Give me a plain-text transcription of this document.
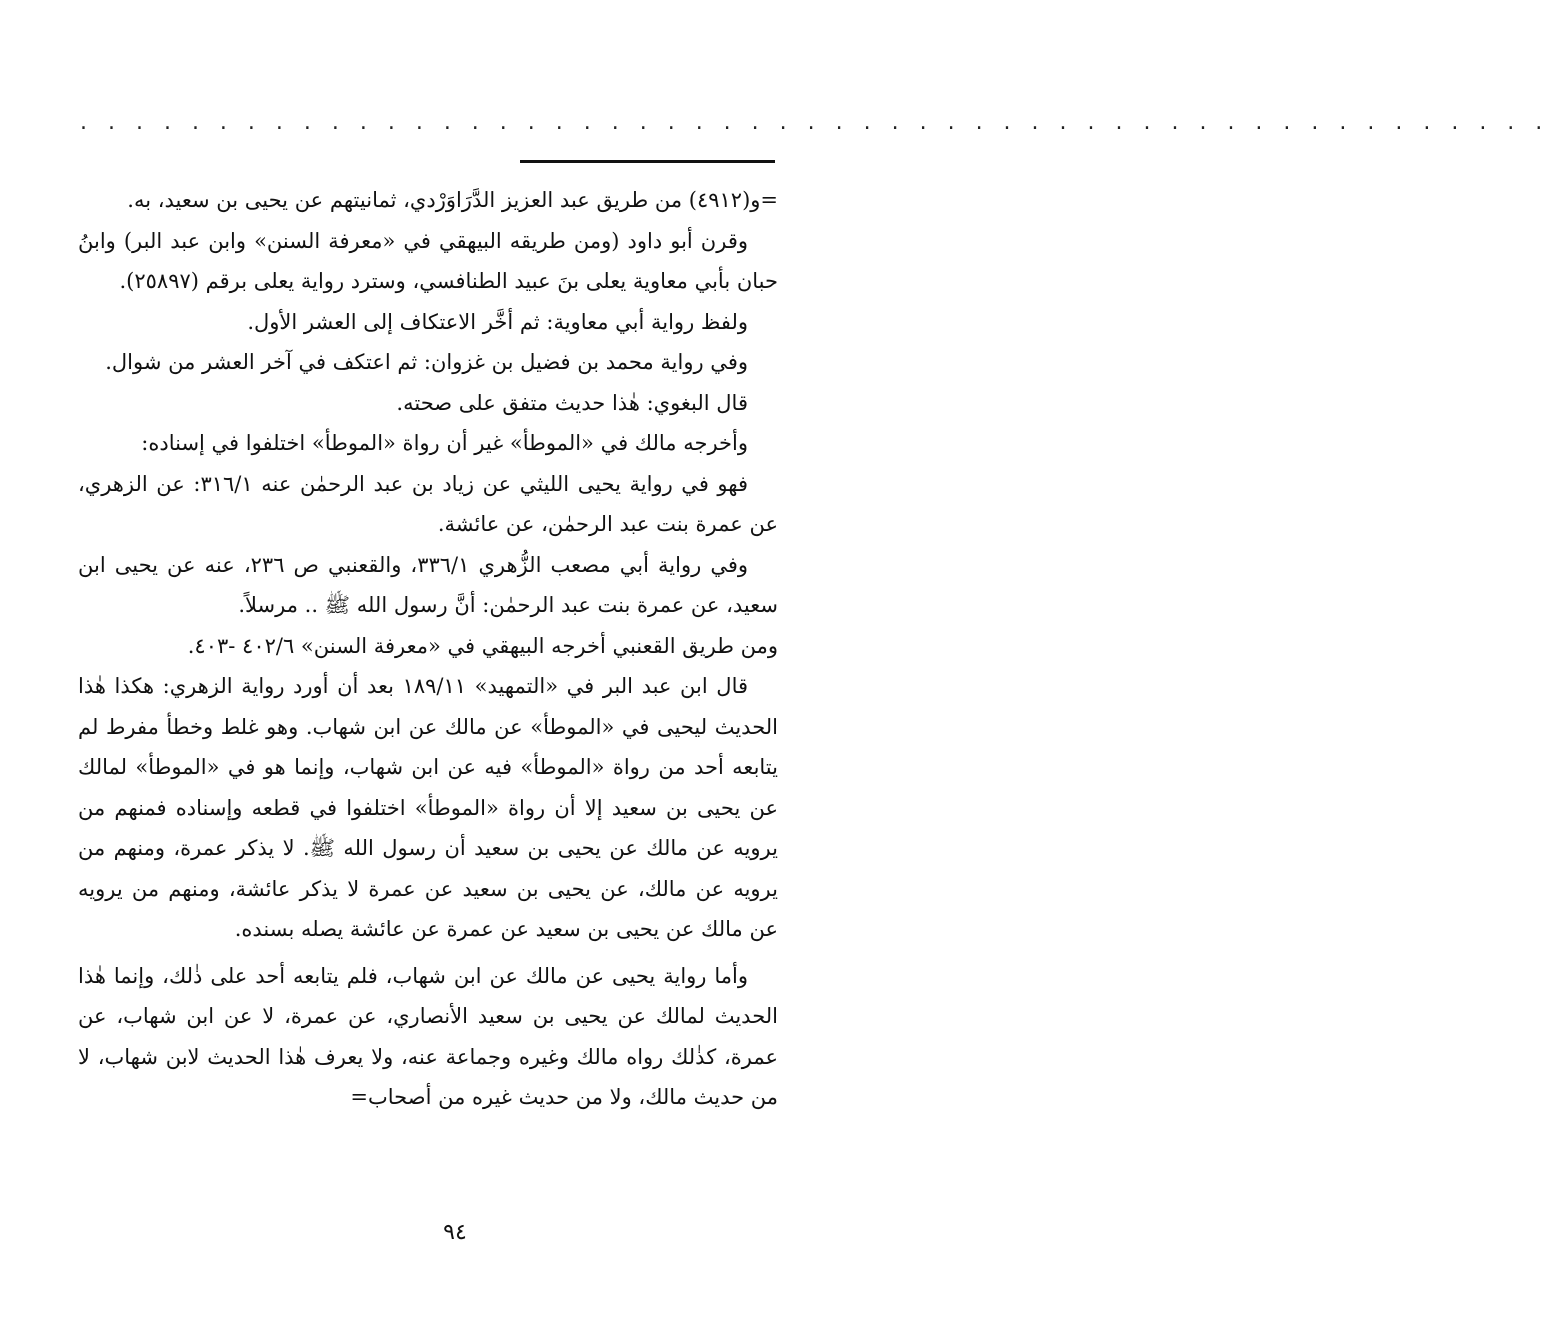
. . . . . . . . . . . . . . . . . . . . . . . . . . . . . . . . . . . . . . . . . . . . . . . . . . . . .

=و(٤٩١٢) من طريق عبد العزيز الدَّرَاوَرْدي، ثمانيتهم عن يحيى بن سعيد، به.

وقرن أبو داود (ومن طريقه البيهقي في «معرفة السنن» وابن عبد البر) وابنُ حبان بأبي معاوية يعلى بنَ عبيد الطنافسي، وسترد رواية يعلى برقم (٢٥٨٩٧).

ولفظ رواية أبي معاوية: ثم أخَّر الاعتكاف إلى العشر الأول.

وفي رواية محمد بن فضيل بن غزوان: ثم اعتكف في آخر العشر من شوال.

قال البغوي: هٰذا حديث متفق على صحته.

وأخرجه مالك في «الموطأ» غير أن رواة «الموطأ» اختلفوا في إسناده:

فهو في رواية يحيى الليثي عن زياد بن عبد الرحمٰن عنه ٣١٦/١: عن الزهري، عن عمرة بنت عبد الرحمٰن، عن عائشة.

وفي رواية أبي مصعب الزُّهري ٣٣٦/١، والقعنبي ص ٢٣٦، عنه عن يحيى ابن سعيد، عن عمرة بنت عبد الرحمٰن: أنَّ رسول الله ﷺ .. مرسلاً.

ومن طريق القعنبي أخرجه البيهقي في «معرفة السنن» ٤٠٢/٦ -٤٠٣.

قال ابن عبد البر في «التمهيد» ١٨٩/١١ بعد أن أورد رواية الزهري: هكذا هٰذا الحديث ليحيى في «الموطأ» عن مالك عن ابن شهاب. وهو غلط وخطأ مفرط لم يتابعه أحد من رواة «الموطأ» فيه عن ابن شهاب، وإنما هو في «الموطأ» لمالك عن يحيى بن سعيد إلا أن رواة «الموطأ» اختلفوا في قطعه وإسناده فمنهم من يرويه عن مالك عن يحيى بن سعيد أن رسول الله ﷺ. لا يذكر عمرة، ومنهم من يرويه عن مالك، عن يحيى بن سعيد عن عمرة لا يذكر عائشة، ومنهم من يرويه عن مالك عن يحيى بن سعيد عن عمرة عن عائشة يصله بسنده.

وأما رواية يحيى عن مالك عن ابن شهاب، فلم يتابعه أحد على ذٰلك، وإنما هٰذا الحديث لمالك عن يحيى بن سعيد الأنصاري، عن عمرة، لا عن ابن شهاب، عن عمرة، كذٰلك رواه مالك وغيره وجماعة عنه، ولا يعرف هٰذا الحديث لابن شهاب، لا من حديث مالك، ولا من حديث غيره من أصحاب=

٩٤
